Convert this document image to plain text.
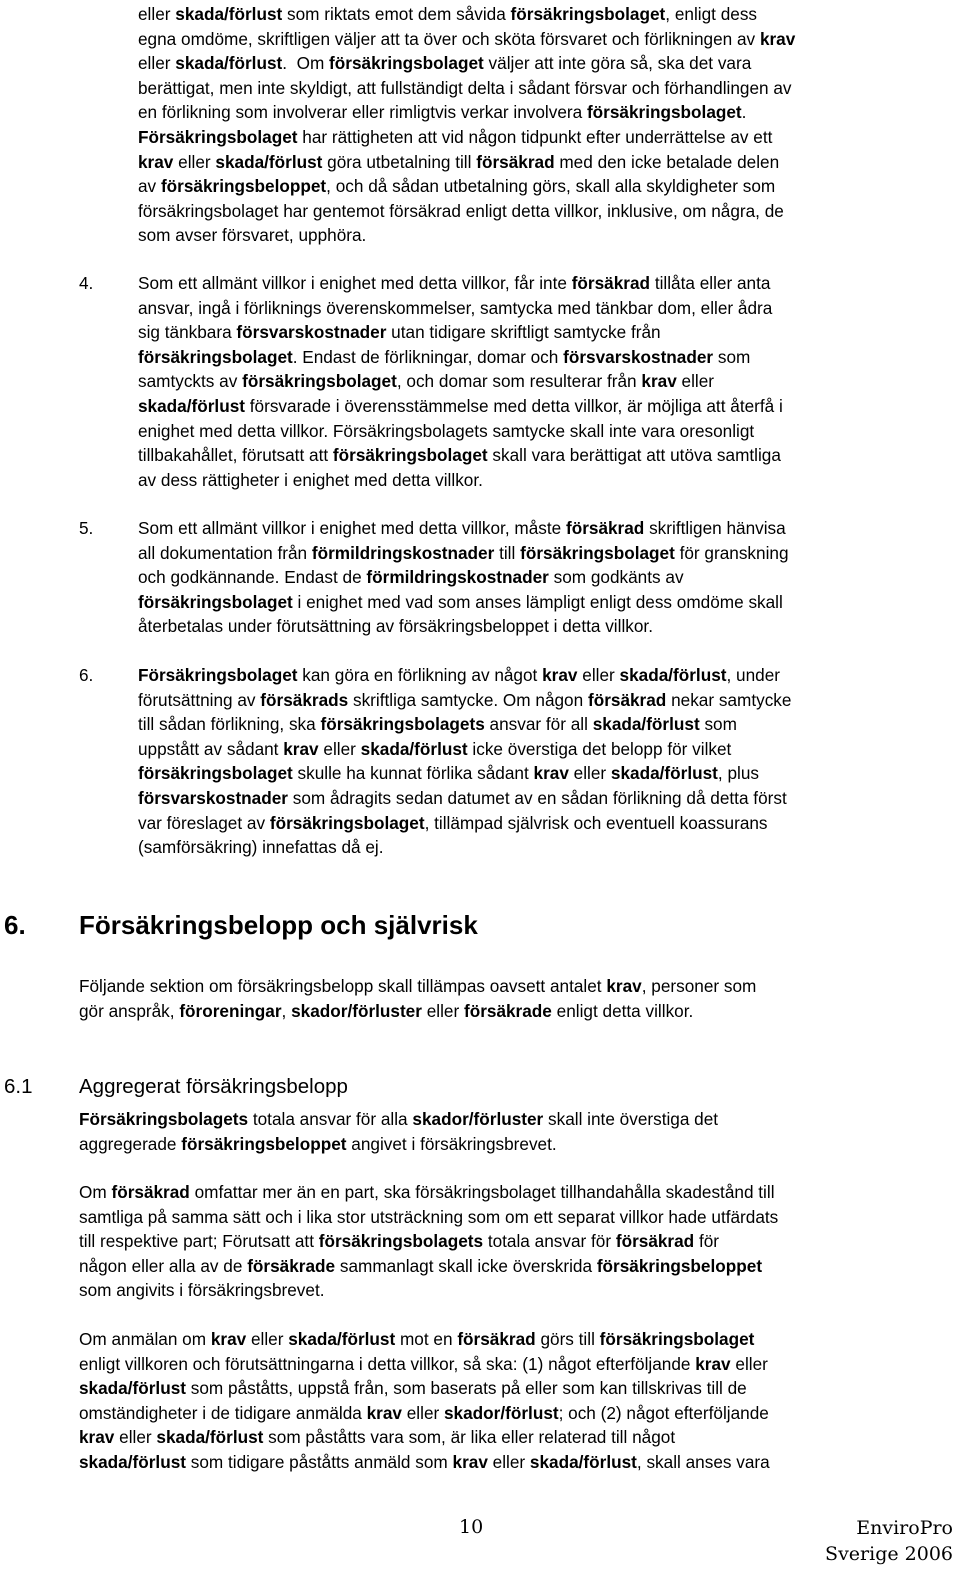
eller skada/förlust som riktats emot dem såvida försäkringsbolaget, enligt dess
egna omdöme, skriftligen väljer att ta över och sköta försvaret och förlikningen av krav
eller skada/förlust.  Om försäkringsbolaget väljer att inte göra så, ska det vara
berättigat, men inte skyldigt, att fullständigt delta i sådant försvar och förhandlingen av
en förlikning som involverar eller rimligtvis verkar involvera försäkringsbolaget.
Försäkringsbolaget har rättigheten att vid någon tidpunkt efter underrättelse av ett
krav eller skada/förlust göra utbetalning till försäkrad med den icke betalade delen
av försäkringsbeloppet, och då sådan utbetalning görs, skall alla skyldigheter som
försäkringsbolaget har gentemot försäkrad enligt detta villkor, inklusive, om några, de
som avser försvaret, upphöra.
4.	Som ett allmänt villkor i enighet med detta villkor, får inte försäkrad tillåta eller anta
ansvar, ingå i förliknings överenskommelser, samtycka med tänkbar dom, eller ådra
sig tänkbara försvarskostnader utan tidigare skriftligt samtycke från
försäkringsbolaget. Endast de förlikningar, domar och försvarskostnader som
samtyckts av försäkringsbolaget, och domar som resulterar från krav eller
skada/förlust försvarade i överensstämmelse med detta villkor, är möjliga att återfå i
enighet med detta villkor. Försäkringsbolagets samtycke skall inte vara oresonligt
tillbakahållet, förutsatt att försäkringsbolaget skall vara berättigat att utöva samtliga
av dess rättigheter i enighet med detta villkor.
5.	Som ett allmänt villkor i enighet med detta villkor, måste försäkrad skriftligen hänvisa
all dokumentation från förmildringskostnader till försäkringsbolaget för granskning
och godkännande. Endast de förmildringskostnader som godkänts av
försäkringsbolaget i enighet med vad som anses lämpligt enligt dess omdöme skall
återbetalas under förutsättning av försäkringsbeloppet i detta villkor.
6.	Försäkringsbolaget kan göra en förlikning av något krav eller skada/förlust, under
förutsättning av försäkrads skriftliga samtycke. Om någon försäkrad nekar samtycke
till sådan förlikning, ska försäkringsbolagets ansvar för all skada/förlust som
uppstått av sådant krav eller skada/förlust icke överstiga det belopp för vilket
försäkringsbolaget skulle ha kunnat förlika sådant krav eller skada/förlust, plus
försvarskostnader som ådragits sedan datumet av en sådan förlikning då detta först
var föreslaget av försäkringsbolaget, tillämpad självrisk och eventuell koassurans
(samförsäkring) innefattas då ej.
6. Försäkringsbelopp och självrisk
Följande sektion om försäkringsbelopp skall tillämpas oavsett antalet krav, personer som
gör anspråk, föroreningar, skador/förluster eller försäkrade enligt detta villkor.
6.1 Aggregerat försäkringsbelopp
Försäkringsbolagets totala ansvar för alla skador/förluster skall inte överstiga det
aggregerade försäkringsbeloppet angivet i försäkringsbrevet.
Om försäkrad omfattar mer än en part, ska försäkringsbolaget tillhandahålla skadestånd till
samtliga på samma sätt och i lika stor utsträckning som om ett separat villkor hade utfärdats
till respektive part; Förutsatt att försäkringsbolagets totala ansvar för försäkrad för
någon eller alla av de försäkrade sammanlagt skall icke överskrida försäkringsbeloppet
som angivits i försäkringsbrevet.
Om anmälan om krav eller skada/förlust mot en försäkrad görs till försäkringsbolaget
enligt villkoren och förutsättningarna i detta villkor, så ska: (1) något efterföljande krav eller
skada/förlust som påståtts, uppstå från, som baserats på eller som kan tillskrivas till de
omständigheter i de tidigare anmälda krav eller skador/förlust; och (2) något efterföljande
krav eller skada/förlust som påståtts vara som, är lika eller relaterad till något
skada/förlust som tidigare påståtts anmäld som krav eller skada/förlust, skall anses vara
10	EnviroPro
Sverige 2006
